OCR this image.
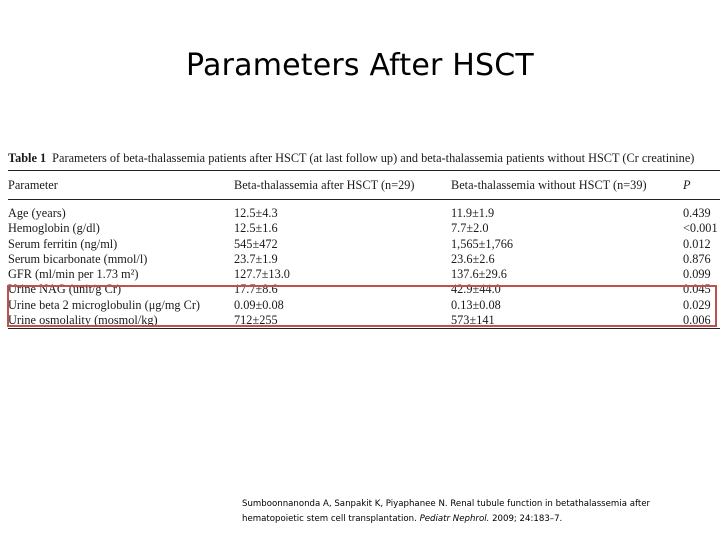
Parameters After HSCT
Table 1 Parameters of beta-thalassemia patients after HSCT (at last follow up) and beta-thalassemia patients without HSCT (Cr creatinine)
Parameter	Beta-thalassemia after HSCT (n=29)	Beta-thalassemia without HSCT (n=39)	P

Age (years)	12.5±4.3	11.9±1.9	0.439
Hemoglobin (g/dl)	12.5±1.6	7.7±2.0	<0.001
Serum ferritin (ng/ml)	545±472	1,565±1,766	0.012
Serum bicarbonate (mmol/l)	23.7±1.9	23.6±2.6	0.876
GFR (ml/min per 1.73 m²)	127.7±13.0	137.6±29.6	0.099
Urine NAG (unit/g Cr)	17.7±8.6	42.9±44.0	0.045
Urine beta 2 microglobulin (μg/mg Cr)	0.09±0.08	0.13±0.08	0.029
Urine osmolality (mosmol/kg)	712±255	573±141	0.006
Sumboonnanonda A, Sanpakit K, Piyaphanee N. Renal tubule function in betathalassemia after hematopoietic stem cell transplantation. Pediatr Nephrol. 2009; 24:183–7.
